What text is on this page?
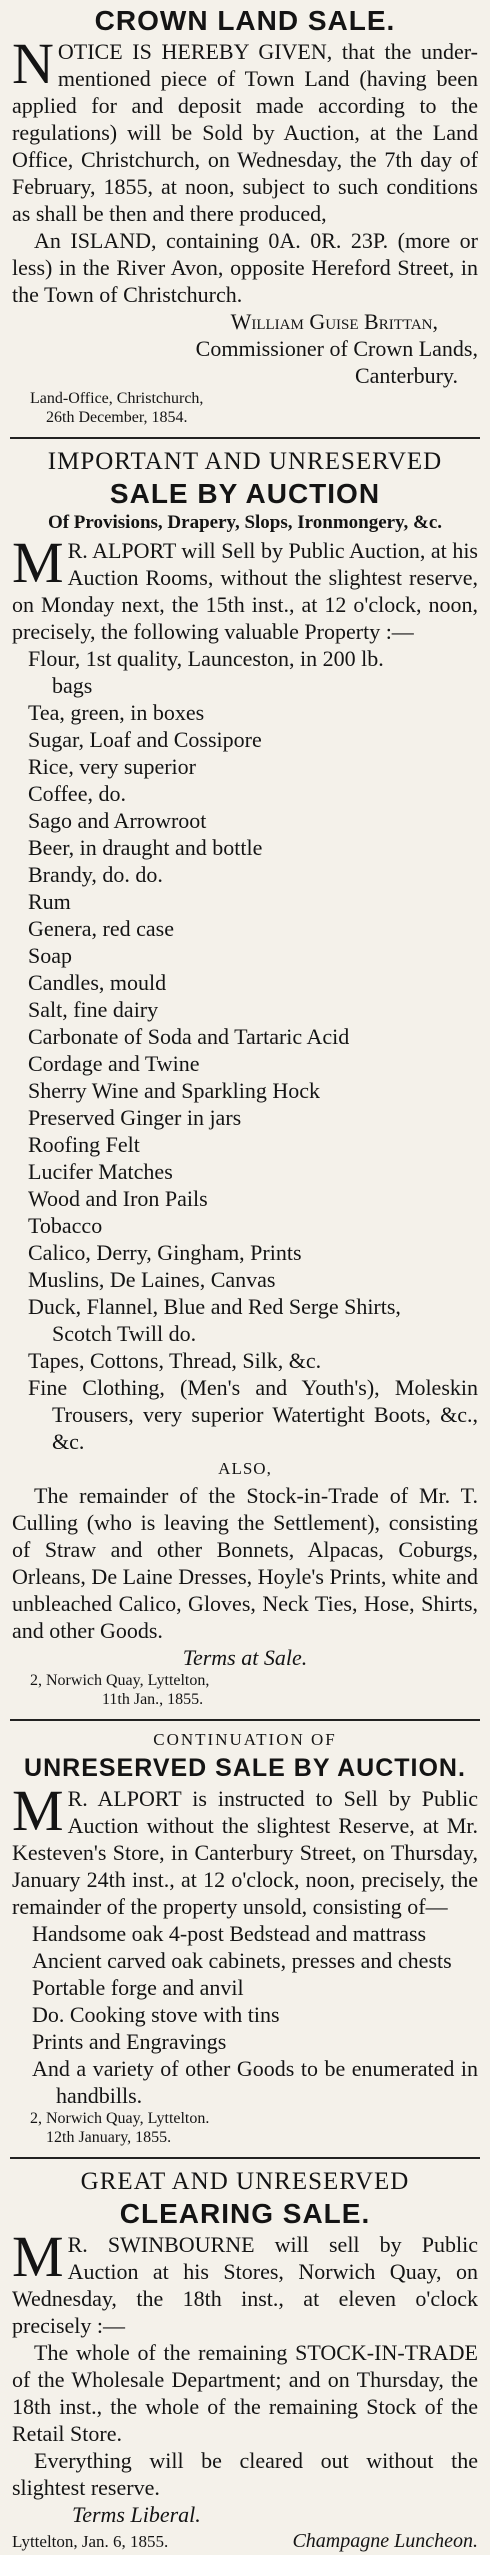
CROWN LAND SALE.
NOTICE IS HEREBY GIVEN, that the under-mentioned piece of Town Land (having been applied for and deposit made according to the regulations) will be Sold by Auction, at the Land Office, Christchurch, on Wednesday, the 7th day of February, 1855, at noon, subject to such conditions as shall be then and there produced,
An ISLAND, containing 0A. 0R. 23P. (more or less) in the River Avon, opposite Hereford Street, in the Town of Christchurch.
William Guise Brittan,
Commissioner of Crown Lands,
Canterbury.
Land-Office, Christchurch,
26th December, 1854.
IMPORTANT AND UNRESERVED
SALE BY AUCTION
Of Provisions, Drapery, Slops, Ironmongery, &c.
M R. ALPORT will Sell by Public Auction, at his Auction Rooms, without the slightest reserve, on Monday next, the 15th inst., at 12 o'clock, noon, precisely, the following valuable Property :—
Flour, 1st quality, Launceston, in 200 lb.
bags
Tea, green, in boxes
Sugar, Loaf and Cossipore
Rice, very superior
Coffee, do.
Sago and Arrowroot
Beer, in draught and bottle
Brandy, do. do.
Rum
Genera, red case
Soap
Candles, mould
Salt, fine dairy
Carbonate of Soda and Tartaric Acid
Cordage and Twine
Sherry Wine and Sparkling Hock
Preserved Ginger in jars
Roofing Felt
Lucifer Matches
Wood and Iron Pails
Tobacco
Calico, Derry, Gingham, Prints
Muslins, De Laines, Canvas
Duck, Flannel, Blue and Red Serge Shirts,
Scotch Twill do.
Tapes, Cottons, Thread, Silk, &c.
Fine Clothing, (Men's and Youth's), Moleskin Trousers, very superior Watertight Boots, &c., &c.
ALSO,
The remainder of the Stock-in-Trade of Mr. T. Culling (who is leaving the Settlement), consisting of Straw and other Bonnets, Alpacas, Coburgs, Orleans, De Laine Dresses, Hoyle's Prints, white and unbleached Calico, Gloves, Neck Ties, Hose, Shirts, and other Goods.
Terms at Sale.
2, Norwich Quay, Lyttelton,
11th Jan., 1855.
CONTINUATION OF
UNRESERVED SALE BY AUCTION.
M R. ALPORT is instructed to Sell by Public Auction without the slightest Reserve, at Mr. Kesteven's Store, in Canterbury Street, on Thursday, January 24th inst., at 12 o'clock, noon, precisely, the remainder of the property unsold, consisting of—
Handsome oak 4-post Bedstead and mattrass
Ancient carved oak cabinets, presses and chests
Portable forge and anvil
Do. Cooking stove with tins
Prints and Engravings
And a variety of other Goods to be enumerated in handbills.
2, Norwich Quay, Lyttelton.
12th January, 1855.
GREAT AND UNRESERVED
CLEARING SALE.
M R. SWINBOURNE will sell by Public Auction at his Stores, Norwich Quay, on Wednesday, the 18th inst., at eleven o'clock precisely :—
The whole of the remaining STOCK-IN-TRADE of the Wholesale Department; and on Thursday, the 18th inst., the whole of the remaining Stock of the Retail Store.
Everything will be cleared out without the slightest reserve.
Terms Liberal.
Lyttelton, Jan. 6, 1855.	Champagne Luncheon.
